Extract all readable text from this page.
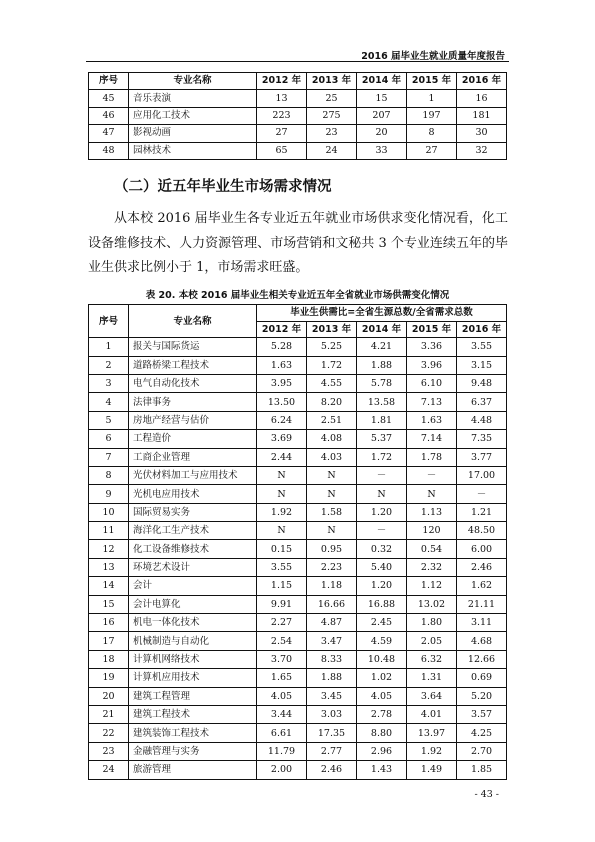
2016 届毕业生就业质量年度报告
序号	专业名称	2012 年	2013 年	2014 年	2015 年	2016 年
45	音乐表演	13	25	15	1	16
46	应用化工技术	223	275	207	197	181
47	影视动画	27	23	20	8	30
48	园林技术	65	24	33	27	32
（二）近五年毕业生市场需求情况
从本校 2016 届毕业生各专业近五年就业市场供求变化情况看，化工设备维修技术、人力资源管理、市场营销和文秘共 3 个专业连续五年的毕业生供求比例小于 1，市场需求旺盛。
表 20. 本校 2016 届毕业生相关专业近五年全省就业市场供需变化情况
序号	专业名称	毕业生供需比=全省生源总数/全省需求总数				
		2012 年	2013 年	2014 年	2015 年	2016 年
1	报关与国际货运	5.28	5.25	4.21	3.36	3.55
2	道路桥梁工程技术	1.63	1.72	1.88	3.96	3.15
3	电气自动化技术	3.95	4.55	5.78	6.10	9.48
4	法律事务	13.50	8.20	13.58	7.13	6.37
5	房地产经营与估价	6.24	2.51	1.81	1.63	4.48
6	工程造价	3.69	4.08	5.37	7.14	7.35
7	工商企业管理	2.44	4.03	1.72	1.78	3.77
8	光伏材料加工与应用技术	N	N	－	－	17.00
9	光机电应用技术	N	N	N	N	－
10	国际贸易实务	1.92	1.58	1.20	1.13	1.21
11	海洋化工生产技术	N	N	－	120	48.50
12	化工设备维修技术	0.15	0.95	0.32	0.54	6.00
13	环境艺术设计	3.55	2.23	5.40	2.32	2.46
14	会计	1.15	1.18	1.20	1.12	1.62
15	会计电算化	9.91	16.66	16.88	13.02	21.11
16	机电一体化技术	2.27	4.87	2.45	1.80	3.11
17	机械制造与自动化	2.54	3.47	4.59	2.05	4.68
18	计算机网络技术	3.70	8.33	10.48	6.32	12.66
19	计算机应用技术	1.65	1.88	1.02	1.31	0.69
20	建筑工程管理	4.05	3.45	4.05	3.64	5.20
21	建筑工程技术	3.44	3.03	2.78	4.01	3.57
22	建筑装饰工程技术	6.61	17.35	8.80	13.97	4.25
23	金融管理与实务	11.79	2.77	2.96	1.92	2.70
24	旅游管理	2.00	2.46	1.43	1.49	1.85
- 43 -
